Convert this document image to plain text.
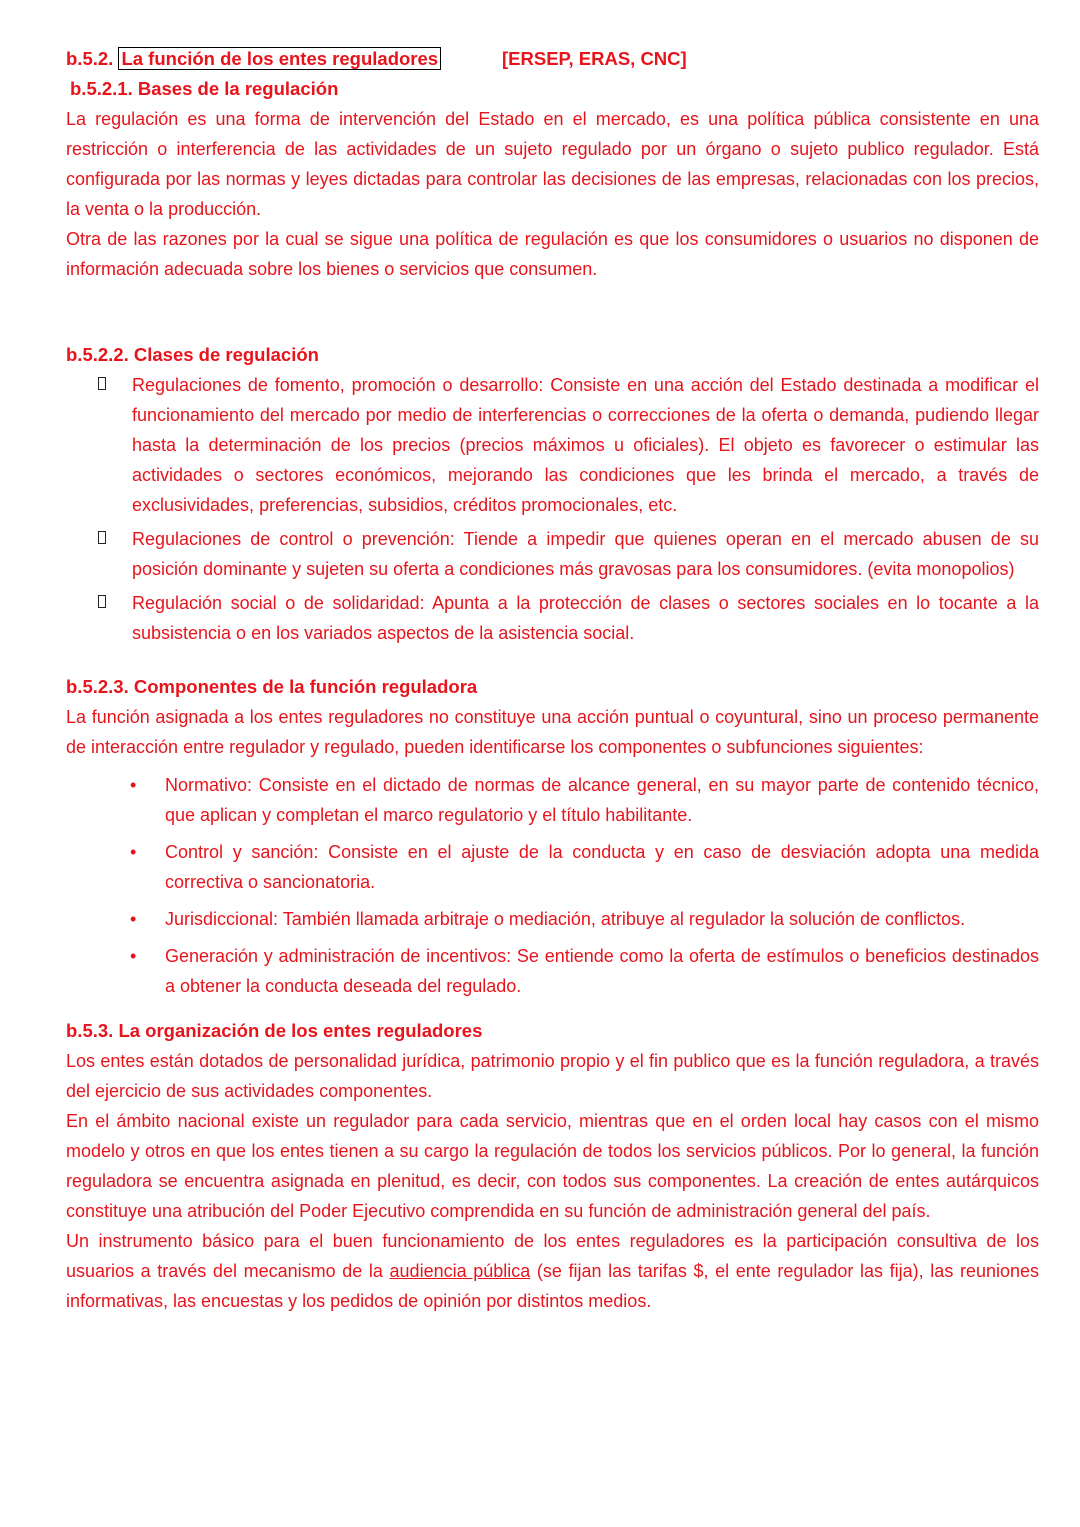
b.5.2. La función de los entes reguladores	[ERSEP, ERAS, CNC]

b.5.2.1. Bases de la regulación

La regulación es una forma de intervención del Estado en el mercado, es una política pública consistente en una restricción o interferencia de las actividades de un sujeto regulado por un órgano o sujeto publico regulador. Está configurada por las normas y leyes dictadas para controlar las decisiones de las empresas, relacionadas con los precios, la venta o la producción.

Otra de las razones por la cual se sigue una política de regulación es que los consumidores o usuarios no disponen de información adecuada sobre los bienes o servicios que consumen.

b.5.2.2. Clases de regulación

Regulaciones de fomento, promoción o desarrollo: Consiste en una acción del Estado destinada a modificar el funcionamiento del mercado por medio de interferencias o correcciones de la oferta o demanda, pudiendo llegar hasta la determinación de los precios (precios máximos u oficiales). El objeto es favorecer o estimular las actividades o sectores económicos, mejorando las condiciones que les brinda el mercado, a través de exclusividades, preferencias, subsidios, créditos promocionales, etc.
Regulaciones de control o prevención: Tiende a impedir que quienes operan en el mercado abusen de su posición dominante y sujeten su oferta a condiciones más gravosas para los consumidores. (evita monopolios)
Regulación social o de solidaridad: Apunta a la protección de clases o sectores sociales en lo tocante a la subsistencia o en los variados aspectos de la asistencia social.

b.5.2.3. Componentes de la función reguladora

La función asignada a los entes reguladores no constituye una acción puntual o coyuntural, sino un proceso permanente de interacción entre regulador y regulado, pueden identificarse los componentes o subfunciones siguientes:

• Normativo: Consiste en el dictado de normas de alcance general, en su mayor parte de contenido técnico, que aplican y completan el marco regulatorio y el título habilitante.
• Control y sanción: Consiste en el ajuste de la conducta y en caso de desviación adopta una medida correctiva o sancionatoria.
• Jurisdiccional: También llamada arbitraje o mediación, atribuye al regulador la solución de conflictos.
• Generación y administración de incentivos: Se entiende como la oferta de estímulos o beneficios destinados a obtener la conducta deseada del regulado.

b.5.3. La organización de los entes reguladores

Los entes están dotados de personalidad jurídica, patrimonio propio y el fin publico que es la función reguladora, a través del ejercicio de sus actividades componentes.

En el ámbito nacional existe un regulador para cada servicio, mientras que en el orden local hay casos con el mismo modelo y otros en que los entes tienen a su cargo la regulación de todos los servicios públicos. Por lo general, la función reguladora se encuentra asignada en plenitud, es decir, con todos sus componentes. La creación de entes autárquicos constituye una atribución del Poder Ejecutivo comprendida en su función de administración general del país.

Un instrumento básico para el buen funcionamiento de los entes reguladores es la participación consultiva de los usuarios a través del mecanismo de la audiencia pública (se fijan las tarifas $, el ente regulador las fija), las reuniones informativas, las encuestas y los pedidos de opinión por distintos medios.
